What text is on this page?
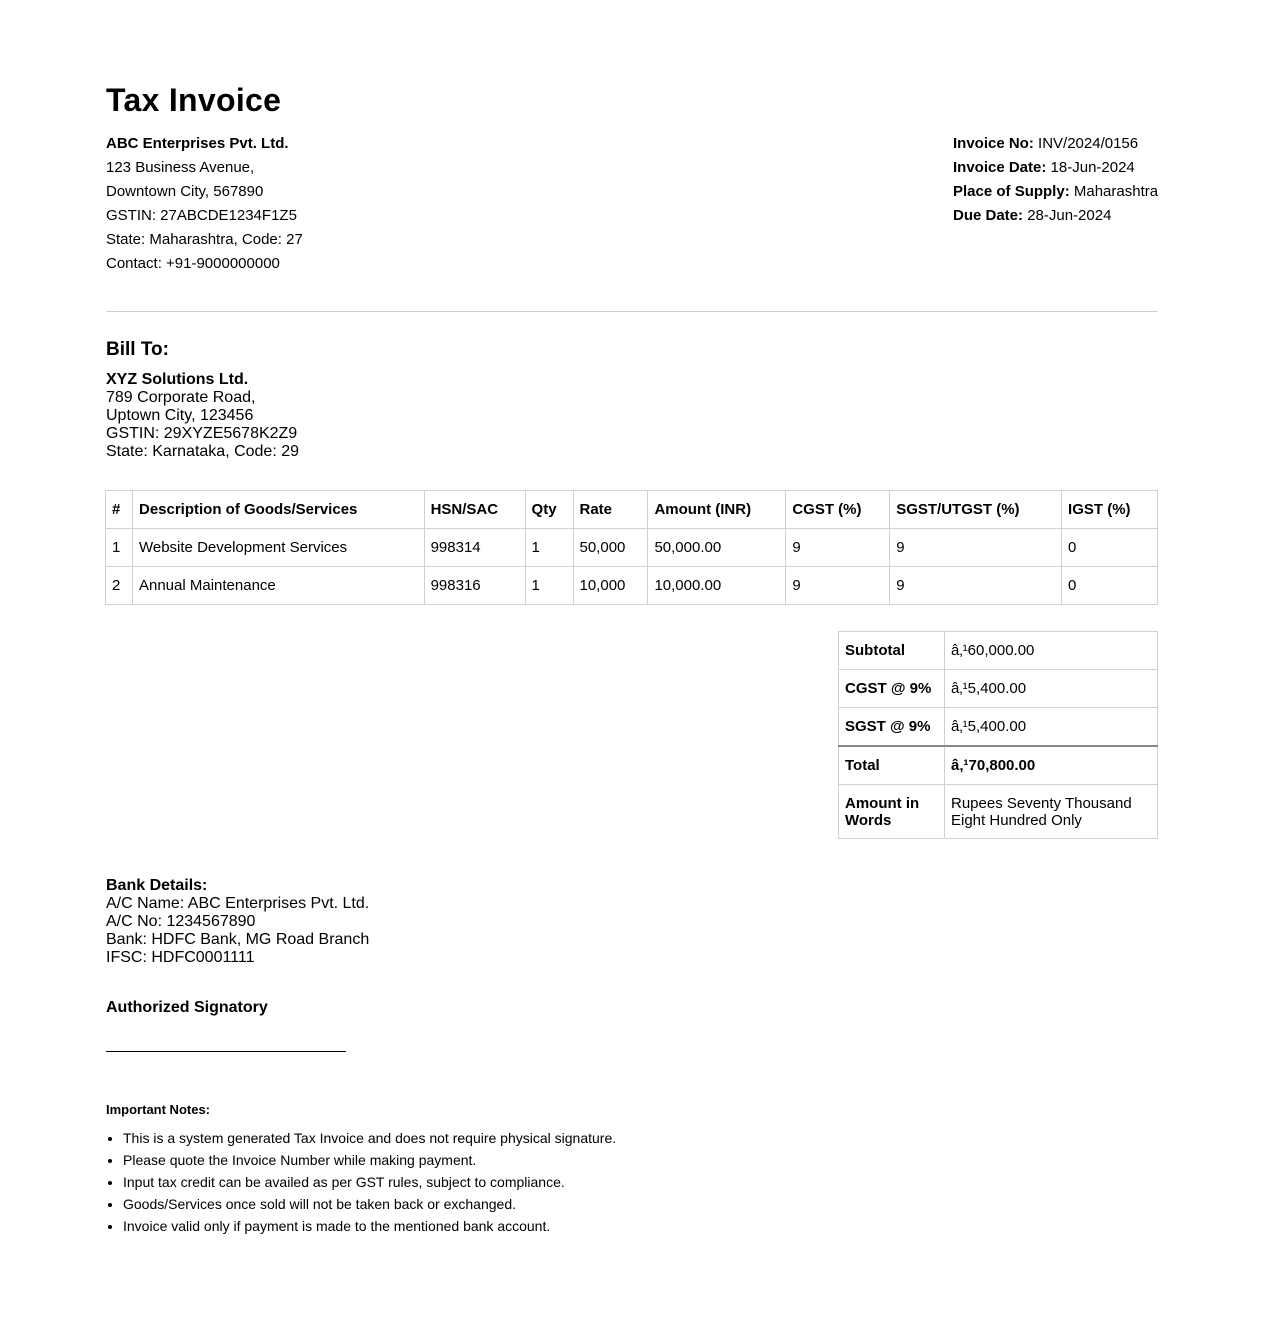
Tax Invoice
ABC Enterprises Pvt. Ltd.
123 Business Avenue,
Downtown City, 567890
GSTIN: 27ABCDE1234F1Z5
State: Maharashtra, Code: 27
Contact: +91-9000000000
Invoice No: INV/2024/0156
Invoice Date: 18-Jun-2024
Place of Supply: Maharashtra
Due Date: 28-Jun-2024
Bill To:
XYZ Solutions Ltd.
789 Corporate Road,
Uptown City, 123456
GSTIN: 29XYZE5678K2Z9
State: Karnataka, Code: 29
#	Description of Goods/Services	HSN/SAC	Qty	Rate	Amount (INR)	CGST (%)	SGST/UTGST (%)	IGST (%)
1	Website Development Services	998314	1	50,000	50,000.00	9	9	0
2	Annual Maintenance	998316	1	10,000	10,000.00	9	9	0
Subtotal	â‚¹60,000.00
CGST @ 9%	â‚¹5,400.00
SGST @ 9%	â‚¹5,400.00
Total	â‚¹70,800.00
Amount in Words	Rupees Seventy Thousand Eight Hundred Only
Bank Details:
A/C Name: ABC Enterprises Pvt. Ltd.
A/C No: 1234567890
Bank: HDFC Bank, MG Road Branch
IFSC: HDFC0001111
Authorized Signatory
Important Notes:
• This is a system generated Tax Invoice and does not require physical signature.
• Please quote the Invoice Number while making payment.
• Input tax credit can be availed as per GST rules, subject to compliance.
• Goods/Services once sold will not be taken back or exchanged.
• Invoice valid only if payment is made to the mentioned bank account.
